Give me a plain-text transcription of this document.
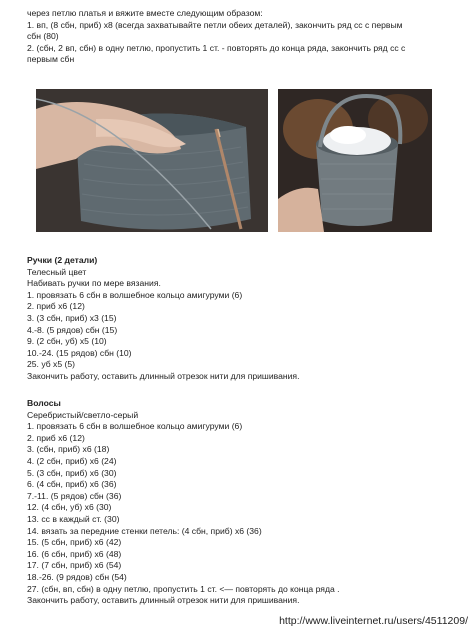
через петлю платья и вяжите вместе следующим образом:

1. вп, (8 сбн, приб) х8 (всегда захватывайте петли обеих деталей), закончить ряд сс с первым

сбн (80)

2. (сбн, 2 вп, сбн) в одну петлю, пропустить 1 ст. - повторять до конца ряда, закончить ряд сс с

первым сбн

Ручки (2 детали)

Телесный цвет

Набивать ручки по мере вязания.

1. провязать 6 сбн в волшебное кольцо амигуруми (6)

2. приб х6 (12)

3. (3 сбн, приб) х3 (15)

4.-8. (5 рядов) сбн (15)

9. (2 сбн, уб) х5 (10)

10.-24. (15 рядов) сбн (10)

25. уб х5 (5)

Закончить работу, оставить длинный отрезок нити для пришивания.

Волосы

Серебристый/светло-серый

1. провязать 6 сбн в волшебное кольцо амигуруми (6)

2. приб х6 (12)

3. (сбн, приб) х6 (18)

4. (2 сбн, приб) х6 (24)

5. (3 сбн, приб) х6 (30)

6. (4 сбн, приб) х6 (36)

7.-11. (5 рядов) сбн (36)

12. (4 сбн, уб) х6 (30)

13. сс в каждый ст. (30)

14. вязать за передние стенки петель: (4 сбн, приб) х6 (36)

15. (5 сбн, приб) х6 (42)

16. (6 сбн, приб) х6 (48)

17. (7 сбн, приб) х6 (54)

18.-26. (9 рядов) сбн (54)

27. (сбн, вп, сбн) в одну петлю, пропустить 1 ст. <— повторять до конца ряда .

Закончить работу, оставить длинный отрезок нити для пришивания.

http://www.liveinternet.ru/users/4511209/
